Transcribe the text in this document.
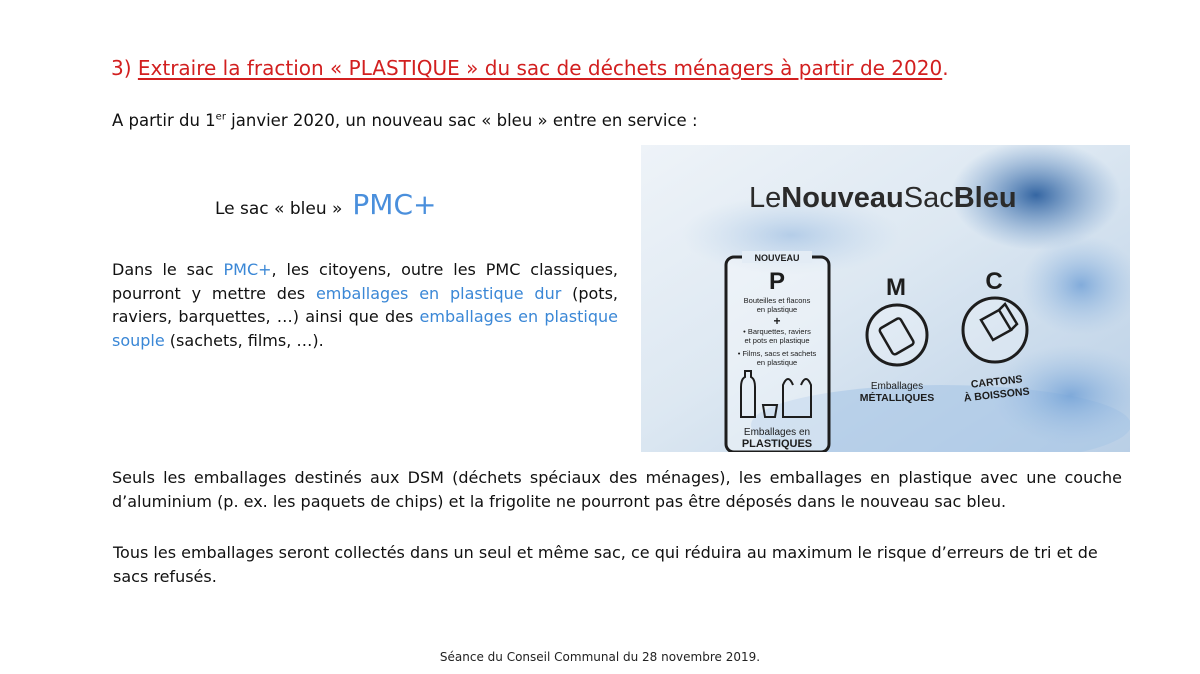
3) Extraire la fraction « PLASTIQUE » du sac de déchets ménagers à partir de 2020.
A partir du 1er janvier 2020, un nouveau sac « bleu » entre en service :
Le sac « bleu » PMC+
Dans le sac PMC+, les citoyens, outre les PMC classiques, pourront y mettre des emballages en plastique dur (pots, raviers, barquettes, …) ainsi que des emballages en plastique souple (sachets, films, …).
LeNouveauSacBleu
NOUVEAU
P
Bouteilles et flacons
en plastique
+
• Barquettes, raviers
et pots en plastique
• Films, sacs et sachets
en plastique
Emballages en
PLASTIQUES
M
Emballages
MÉTALLIQUES
C
CARTONS
À BOISSONS
Seuls les emballages destinés aux DSM (déchets spéciaux des ménages), les emballages en plastique avec une couche d’aluminium (p. ex. les paquets de chips) et la frigolite ne pourront pas être déposés dans le nouveau sac bleu.
Tous les emballages seront collectés dans un seul et même sac, ce qui réduira au maximum le risque d’erreurs de tri et de sacs refusés.
Séance du Conseil Communal du 28 novembre 2019.
